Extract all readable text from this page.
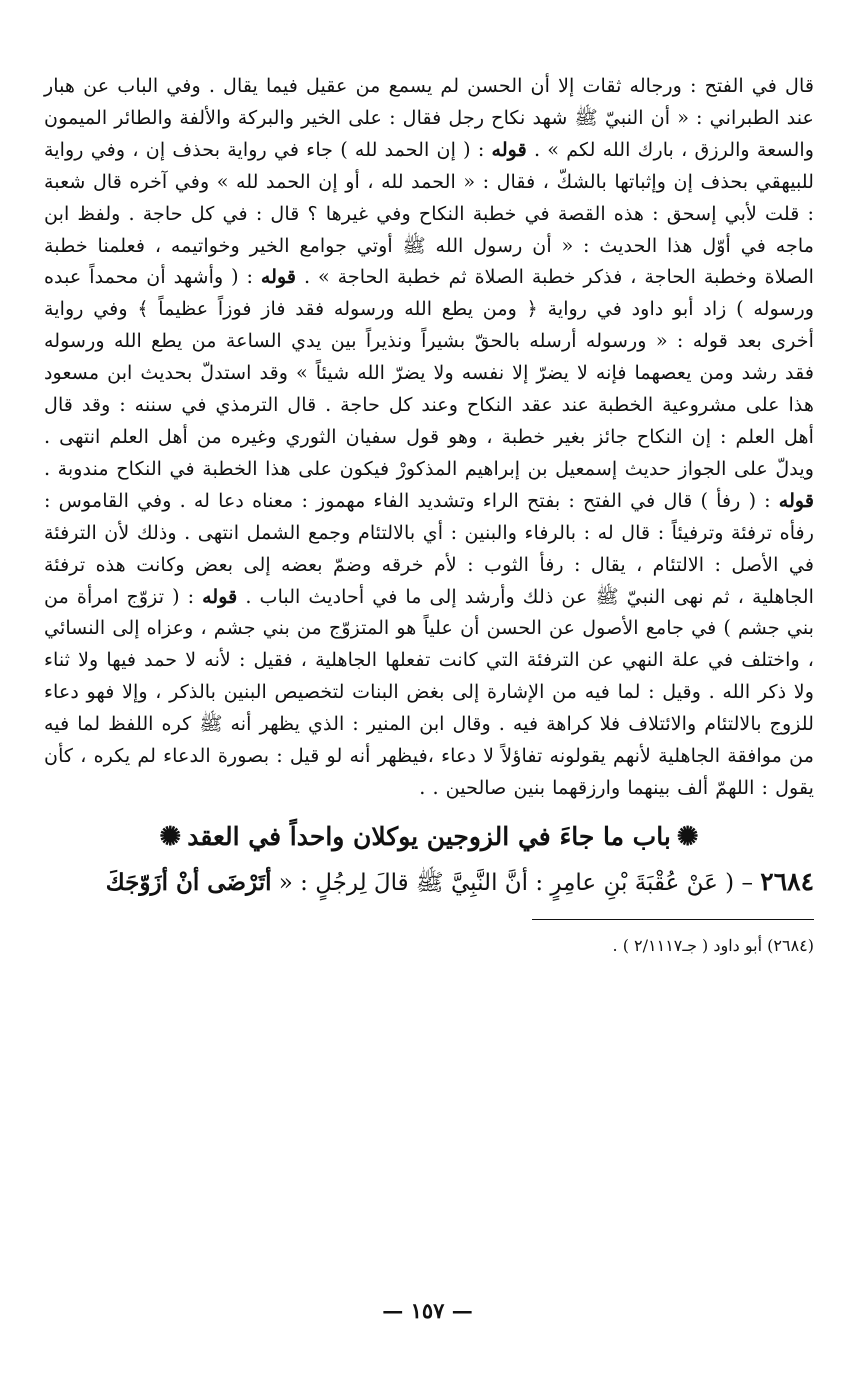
قال في الفتح : ورجاله ثقات إلا أن الحسن لم يسمع من عقيل فيما يقال . وفي الباب عن هبار عند الطبراني : « أن النبيّ ﷺ شهد نكاح رجل فقال : على الخير والبركة والألفة والطائر الميمون والسعة والرزق ، بارك الله لكم » . قوله : ( إن الحمد لله ) جاء في رواية بحذف إن ، وفي رواية للبيهقي بحذف إن وإثباتها بالشكّ ، فقال : « الحمد لله ، أو إن الحمد لله » وفي آخره قال شعبة : قلت لأبي إسحق : هذه القصة في خطبة النكاح وفي غيرها ؟ قال : في كل حاجة . ولفظ ابن ماجه في أوّل هذا الحديث : « أن رسول الله ﷺ أوتي جوامع الخير وخواتيمه ، فعلمنا خطبة الصلاة وخطبة الحاجة ، فذكر خطبة الصلاة ثم خطبة الحاجة » . قوله : ( وأشهد أن محمداً عبده ورسوله ) زاد أبو داود في رواية ﴿ ومن يطع الله ورسوله فقد فاز فوزاً عظيماً ﴾ وفي رواية أخرى بعد قوله : « ورسوله أرسله بالحقّ بشيراً ونذيراً بين يدي الساعة من يطع الله ورسوله فقد رشد ومن يعصهما فإنه لا يضرّ إلا نفسه ولا يضرّ الله شيئاً » وقد استدلّ بحديث ابن مسعود هذا على مشروعية الخطبة عند عقد النكاح وعند كل حاجة . قال الترمذي في سننه : وقد قال أهل العلم : إن النكاح جائز بغير خطبة ، وهو قول سفيان الثوري وغيره من أهل العلم انتهى . ويدلّ على الجواز حديث إسمعيل بن إبراهيم المذكورْ فيكون على هذا الخطبة في النكاح مندوبة . قوله : ( رفأ ) قال في الفتح : بفتح الراء وتشديد الفاء مهموز : معناه دعا له . وفي القاموس : رفأه ترفئة وترفيئاً : قال له : بالرفاء والبنين : أي بالالتئام وجمع الشمل انتهى . وذلك لأن الترفئة في الأصل : الالتئام ، يقال : رفأ الثوب : لأم خرقه وضمّ بعضه إلى بعض وكانت هذه ترفئة الجاهلية ، ثم نهى النبيّ ﷺ عن ذلك وأرشد إلى ما في أحاديث الباب . قوله : ( تزوّج امرأة من بني جشم ) في جامع الأصول عن الحسن أن علياً هو المتزوّج من بني جشم ، وعزاه إلى النسائي ، واختلف في علة النهي عن الترفئة التي كانت تفعلها الجاهلية ، فقيل : لأنه لا حمد فيها ولا ثناء ولا ذكر الله . وقيل : لما فيه من الإشارة إلى بغض البنات لتخصيص البنين بالذكر ، وإلا فهو دعاء للزوج بالالتئام والائتلاف فلا كراهة فيه . وقال ابن المنير : الذي يظهر أنه ﷺ كره اللفظ لما فيه من موافقة الجاهلية لأنهم يقولونه تفاؤلاً لا دعاء ،فيظهر أنه لو قيل : بصورة الدعاء لم يكره ، كأن يقول : اللهمّ ألف بينهما وارزقهما بنين صالحين . .

✺باب ما جاءَ في الزوجين يوكلان واحداً في العقد✺

٢٦٨٤ – ( عَنْ عُقْبَةَ بْنِ عامِرٍ : أنَّ النَّبِيَّ ﷺ قالَ لِرجُلٍ : « أتَرْضَى أنْ أزَوّجَكَ

(٢٦٨٤) أبو داود ( جـ٢/١١١٧ ) .

— ١٥٧ —
